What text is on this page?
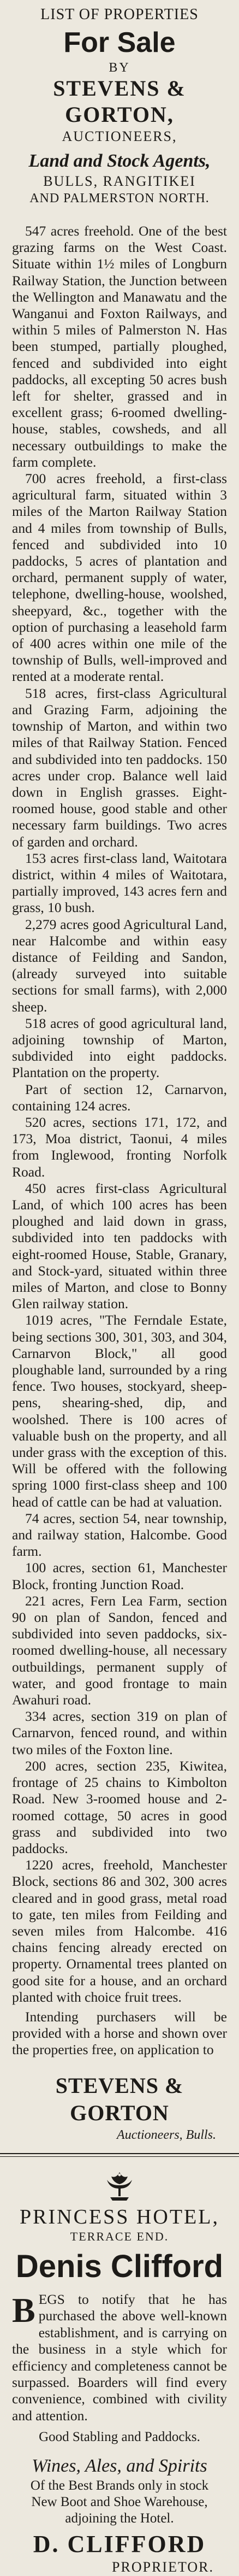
LIST OF PROPERTIES
For Sale
BY
STEVENS & GORTON,
AUCTIONEERS,
Land and Stock Agents,
BULLS, RANGITIKEI
AND PALMERSTON NORTH.

547 acres freehold. One of the best grazing farms on the West Coast. Situate within 1½ miles of Longburn Railway Station, the Junction between the Wellington and Manawatu and the Wanganui and Foxton Railways, and within 5 miles of Palmerston N. Has been stumped, partially ploughed, fenced and subdivided into eight paddocks, all excepting 50 acres bush left for shelter, grassed and in excellent grass; 6-roomed dwelling-house, stables, cowsheds, and all necessary outbuildings to make the farm complete.

700 acres freehold, a first-class agricultural farm, situated within 3 miles of the Marton Railway Station and 4 miles from township of Bulls, fenced and subdivided into 10 paddocks, 5 acres of plantation and orchard, permanent supply of water, telephone, dwelling-house, woolshed, sheepyard, &c., together with the option of purchasing a leasehold farm of 400 acres within one mile of the township of Bulls, well-improved and rented at a moderate rental.

518 acres, first-class Agricultural and Grazing Farm, adjoining the township of Marton, and within two miles of that Railway Station. Fenced and subdivided into ten paddocks. 150 acres under crop. Balance well laid down in English grasses. Eight-roomed house, good stable and other necessary farm buildings. Two acres of garden and orchard.

153 acres first-class land, Waitotara district, within 4 miles of Waitotara, partially improved, 143 acres fern and grass, 10 bush.

2,279 acres good Agricultural Land, near Halcombe and within easy distance of Feilding and Sandon, (already surveyed into suitable sections for small farms), with 2,000 sheep.

518 acres of good agricultural land, adjoining township of Marton, subdivided into eight paddocks. Plantation on the property.

Part of section 12, Carnarvon, containing 124 acres.

520 acres, sections 171, 172, and 173, Moa district, Taonui, 4 miles from Inglewood, fronting Norfolk Road.

450 acres first-class Agricultural Land, of which 100 acres has been ploughed and laid down in grass, subdivided into ten paddocks with eight-roomed House, Stable, Granary, and Stock-yard, situated within three miles of Marton, and close to Bonny Glen railway station.

1019 acres, "The Ferndale Estate, being sections 300, 301, 303, and 304, Carnarvon Block," all good ploughable land, surrounded by a ring fence. Two houses, stockyard, sheep-pens, shearing-shed, dip, and woolshed. There is 100 acres of valuable bush on the property, and all under grass with the exception of this. Will be offered with the following spring 1000 first-class sheep and 100 head of cattle can be had at valuation.

74 acres, section 54, near township, and railway station, Halcombe. Good farm.

100 acres, section 61, Manchester Block, fronting Junction Road.

221 acres, Fern Lea Farm, section 90 on plan of Sandon, fenced and subdivided into seven paddocks, six-roomed dwelling-house, all necessary outbuildings, permanent supply of water, and good frontage to main Awahuri road.

334 acres, section 319 on plan of Carnarvon, fenced round, and within two miles of the Foxton line.

200 acres, section 235, Kiwitea, frontage of 25 chains to Kimbolton Road. New 3-roomed house and 2-roomed cottage, 50 acres in good grass and subdivided into two paddocks.

1220 acres, freehold, Manchester Block, sections 86 and 302, 300 acres cleared and in good grass, metal road to gate, ten miles from Feilding and seven miles from Halcombe. 416 chains fencing already erected on property. Ornamental trees planted on good site for a house, and an orchard planted with choice fruit trees.

Intending purchasers will be provided with a horse and shown over the properties free, on application to

STEVENS & GORTON
Auctioneers, Bulls.
PRINCESS HOTEL,
TERRACE END.
Denis Clifford
B EGS to notify that he has purchased the above well-known establishment, and is carrying on the business in a style which for efficiency and completeness cannot be surpassed. Boarders will find every convenience, combined with civility and attention.
Good Stabling and Paddocks.
Wines, Ales, and Spirits
Of the Best Brands only in stock
New Boot and Shoe Warehouse, adjoining the Hotel.
D. CLIFFORD
PROPRIETOR.
